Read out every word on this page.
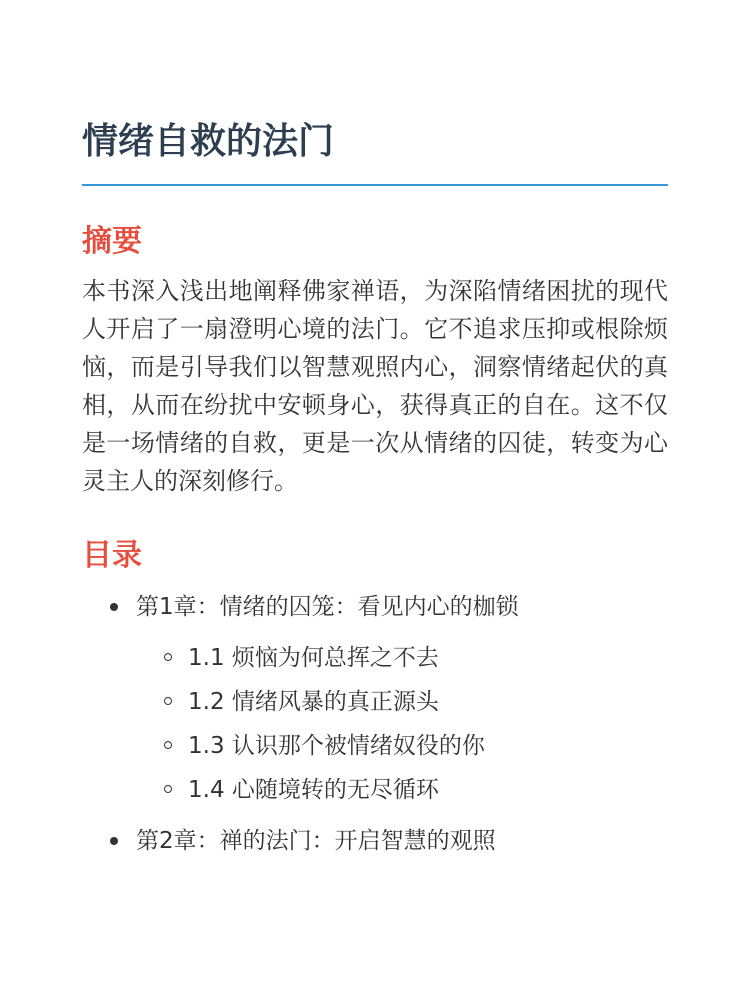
情绪自救的法门
摘要

本书深入浅出地阐释佛家禅语，为深陷情绪困扰的现代人开启了一扇澄明心境的法门。它不追求压抑或根除烦恼，而是引导我们以智慧观照内心，洞察情绪起伏的真相，从而在纷扰中安顿身心，获得真正的自在。这不仅是一场情绪的自救，更是一次从情绪的囚徒，转变为心灵主人的深刻修行。

目录
第1章：情绪的囚笼：看见内心的枷锁
1.1 烦恼为何总挥之不去
1.2 情绪风暴的真正源头
1.3 认识那个被情绪奴役的你
1.4 心随境转的无尽循环
第2章：禅的法门：开启智慧的观照
